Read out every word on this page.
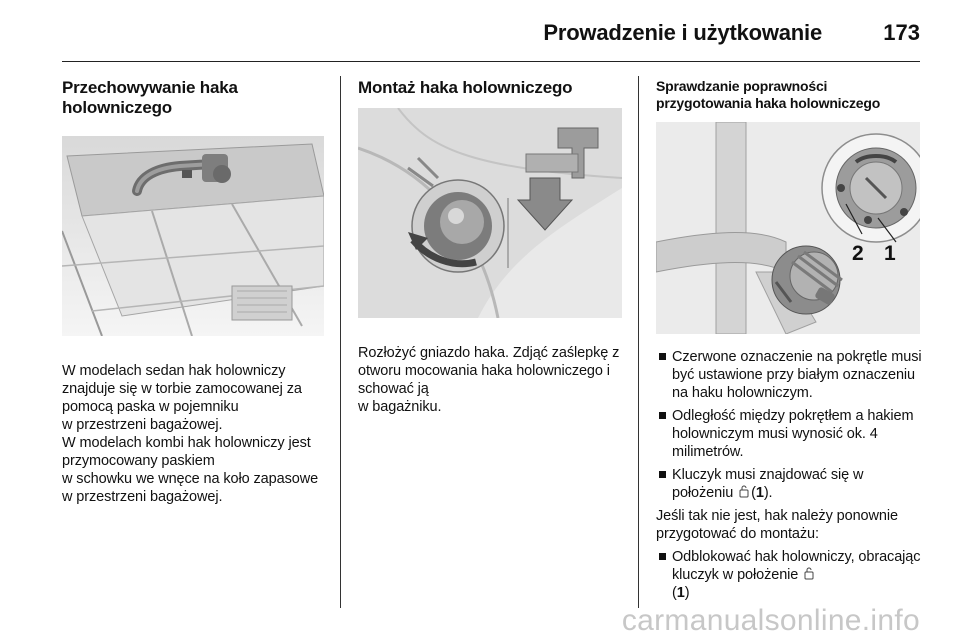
Prowadzenie i użytkowanie	173
Przechowywanie haka holowniczego

W modelach sedan hak holowniczy znajduje się w torbie zamocowanej za pomocą paska w pojemniku

w przestrzeni bagażowej.

W modelach kombi hak holowniczy jest przymocowany paskiem

w schowku we wnęce na koło zapasowe w przestrzeni bagażowej.

Montaż haka holowniczego

Rozłożyć gniazdo haka. Zdjąć zaślepkę z otworu mocowania haka holowniczego i schować ją

w bagażniku.

Sprawdzanie poprawności przygotowania haka holowniczego
2 1
Czerwone oznaczenie na pokrętle musi być ustawione przy białym oznaczeniu na haku holowniczym.
Odległość między pokrętłem a hakiem holowniczym musi wynosić ok. 4 milimetrów.
Kluczyk musi znajdować się w położeniu (1).

Jeśli tak nie jest, hak należy ponownie przygotować do montażu:

Odblokować hak holowniczy, obracając kluczyk w położenie
(1)
carmanualsonline.info
